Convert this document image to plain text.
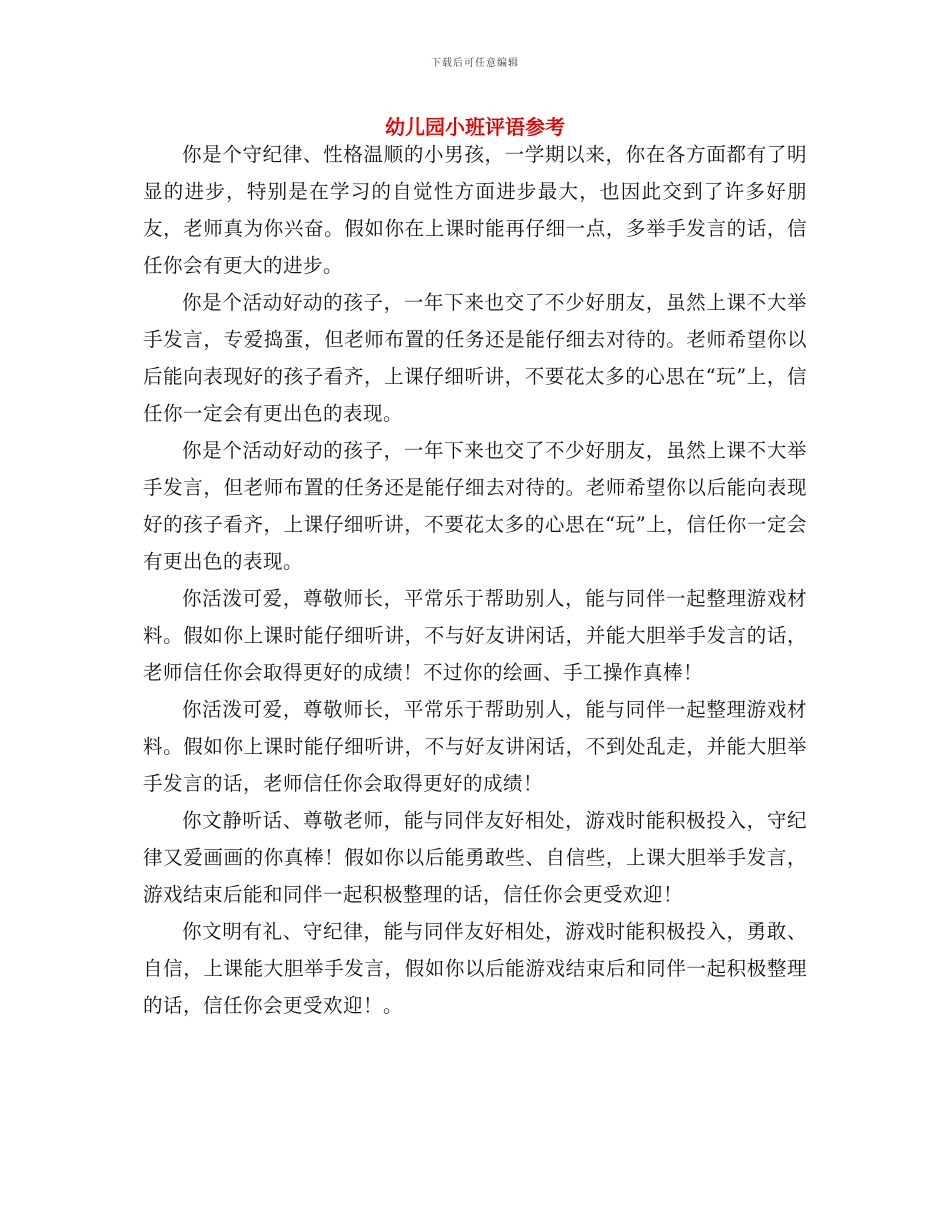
下载后可任意编辑
幼儿园小班评语参考

你是个守纪律、性格温顺的小男孩，一学期以来，你在各方面都有了明显的进步，特别是在学习的自觉性方面进步最大，也因此交到了许多好朋友，老师真为你兴奋。假如你在上课时能再仔细一点，多举手发言的话，信任你会有更大的进步。

你是个活动好动的孩子，一年下来也交了不少好朋友，虽然上课不大举手发言，专爱捣蛋，但老师布置的任务还是能仔细去对待的。老师希望你以后能向表现好的孩子看齐，上课仔细听讲，不要花太多的心思在“玩”上，信任你一定会有更出色的表现。

你是个活动好动的孩子，一年下来也交了不少好朋友，虽然上课不大举手发言，但老师布置的任务还是能仔细去对待的。老师希望你以后能向表现好的孩子看齐，上课仔细听讲，不要花太多的心思在“玩”上，信任你一定会有更出色的表现。

你活泼可爱，尊敬师长，平常乐于帮助别人，能与同伴一起整理游戏材料。假如你上课时能仔细听讲，不与好友讲闲话，并能大胆举手发言的话，老师信任你会取得更好的成绩！不过你的绘画、手工操作真棒！

你活泼可爱，尊敬师长，平常乐于帮助别人，能与同伴一起整理游戏材料。假如你上课时能仔细听讲，不与好友讲闲话，不到处乱走，并能大胆举手发言的话，老师信任你会取得更好的成绩！

你文静听话、尊敬老师，能与同伴友好相处，游戏时能积极投入，守纪律又爱画画的你真棒！假如你以后能勇敢些、自信些，上课大胆举手发言，游戏结束后能和同伴一起积极整理的话，信任你会更受欢迎！

你文明有礼、守纪律，能与同伴友好相处，游戏时能积极投入，勇敢、自信，上课能大胆举手发言，假如你以后能游戏结束后和同伴一起积极整理的话，信任你会更受欢迎！。
